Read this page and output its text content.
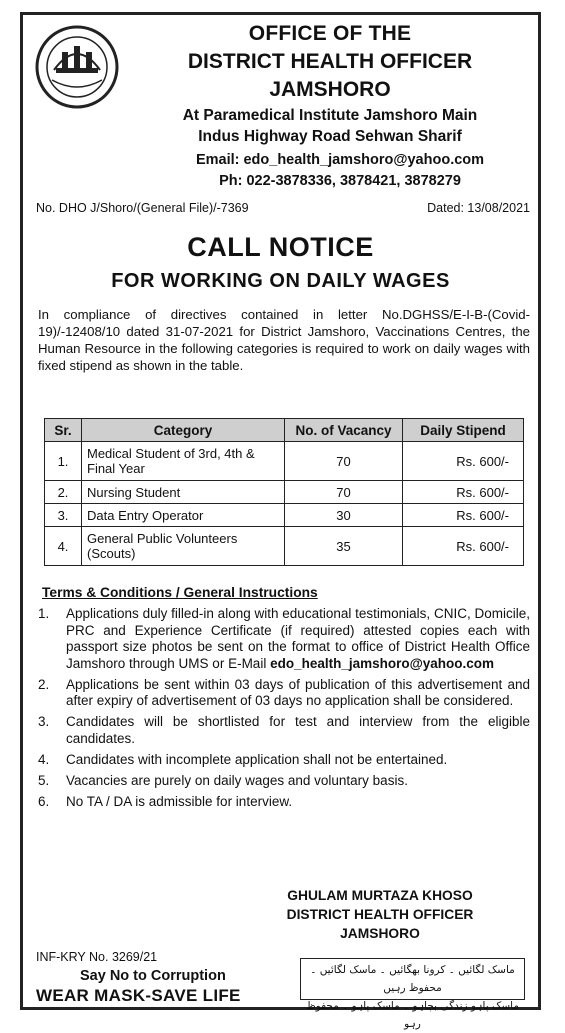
OFFICE OF THE
DISTRICT HEALTH OFFICER
JAMSHORO
At Paramedical Institute Jamshoro Main
Indus Highway Road Sehwan Sharif
Email: edo_health_jamshoro@yahoo.com
Ph: 022-3878336, 3878421, 3878279
No. DHO J/Shoro/(General File)/-7369	Dated: 13/08/2021
CALL NOTICE
FOR WORKING ON DAILY WAGES
In compliance of directives contained in letter No.DGHSS/E-I-B-(Covid-19)/-12408/10 dated 31-07-2021 for District Jamshoro, Vaccinations Centres, the Human Resource in the following categories is required to work on daily wages with fixed stipend as shown in the table.
Sr.	Category	No. of Vacancy	Daily Stipend
1.	Medical Student of 3rd, 4th & Final Year	70	Rs. 600/-
2.	Nursing Student	70	Rs. 600/-
3.	Data Entry Operator	30	Rs. 600/-
4.	General Public Volunteers (Scouts)	35	Rs. 600/-
Terms & Conditions / General Instructions
1.	Applications duly filled-in along with educational testimonials, CNIC, Domicile, PRC and Experience Certificate (if required) attested copies each with passport size photos be sent on the format to office of District Health Office Jamshoro through UMS or E-Mail edo_health_jamshoro@yahoo.com
2.	Applications be sent within 03 days of publication of this advertisement and after expiry of advertisement of 03 days no application shall be considered.
3.	Candidates will be shortlisted for test and interview from the eligible candidates.
4.	Candidates with incomplete application shall not be entertained.
5.	Vacancies are purely on daily wages and voluntary basis.
6.	No TA / DA is admissible for interview.
GHULAM MURTAZA KHOSO
DISTRICT HEALTH OFFICER
JAMSHORO
INF-KRY No. 3269/21
Say No to Corruption
WEAR MASK-SAVE LIFE
ماسک لگائیں ۔ کرونا بھگائیں ۔ ماسک لگائیں ۔ محفوظ رہیں
ماسک پاہو زندگی بچاہو ۔ ماسک پاہو ۔ محفوظ رہو
